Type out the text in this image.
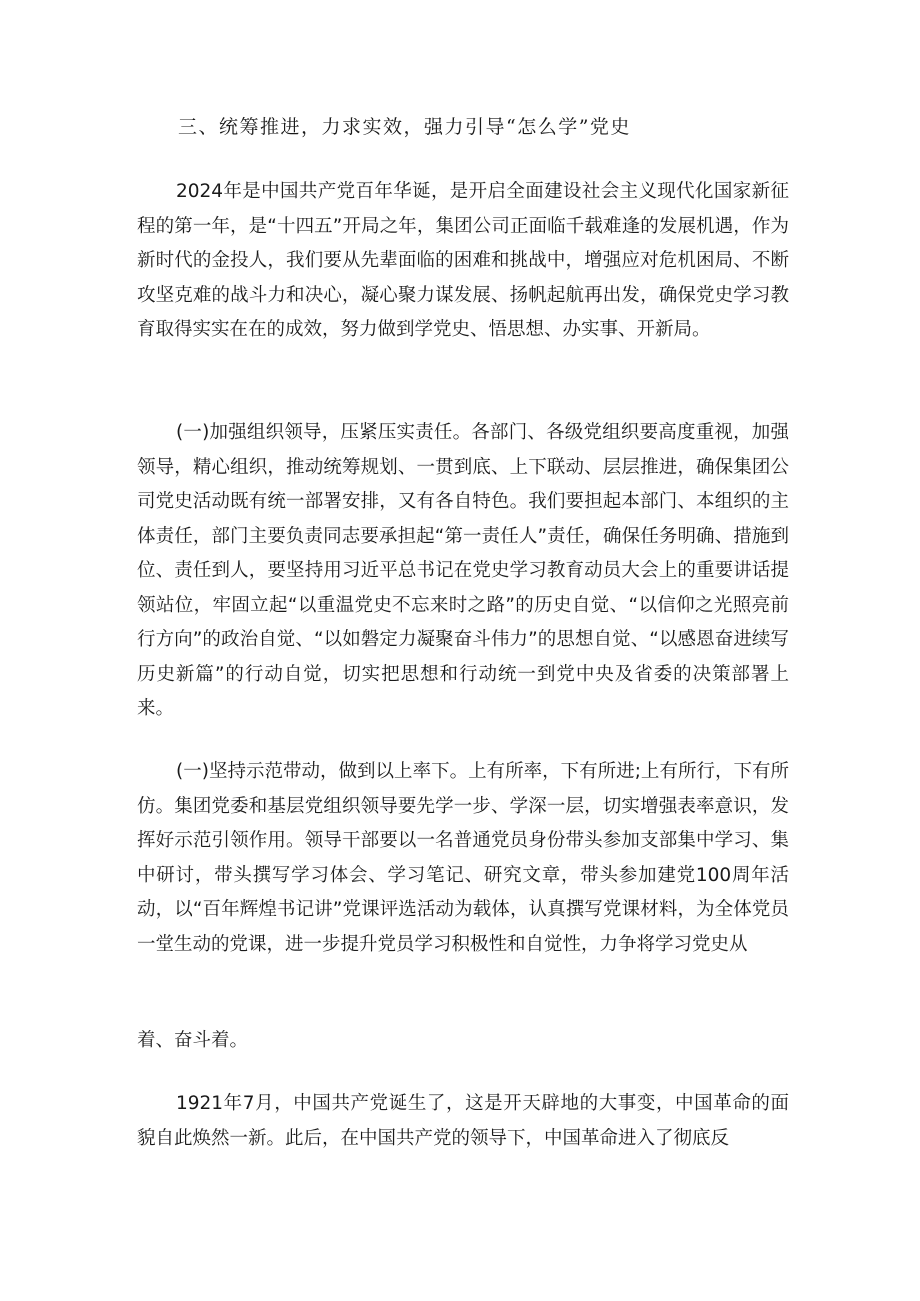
三、统筹推进，力求实效，强力引导“怎么学”党史

2024年是中国共产党百年华诞，是开启全面建设社会主义现代化国家新征程的第一年，是“十四五”开局之年，集团公司正面临千载难逢的发展机遇，作为新时代的金投人，我们要从先辈面临的困难和挑战中，增强应对危机困局、不断攻坚克难的战斗力和决心，凝心聚力谋发展、扬帆起航再出发，确保党史学习教育取得实实在在的成效，努力做到学党史、悟思想、办实事、开新局。

(一)加强组织领导，压紧压实责任。各部门、各级党组织要高度重视，加强领导，精心组织，推动统筹规划、一贯到底、上下联动、层层推进，确保集团公司党史活动既有统一部署安排，又有各自特色。我们要担起本部门、本组织的主体责任，部门主要负责同志要承担起“第一责任人”责任，确保任务明确、措施到位、责任到人，要坚持用习近平总书记在党史学习教育动员大会上的重要讲话提领站位，牢固立起“以重温党史不忘来时之路”的历史自觉、“以信仰之光照亮前行方向”的政治自觉、“以如磐定力凝聚奋斗伟力”的思想自觉、“以感恩奋进续写历史新篇”的行动自觉，切实把思想和行动统一到党中央及省委的决策部署上来。

(一)坚持示范带动，做到以上率下。上有所率，下有所进;上有所行，下有所仿。集团党委和基层党组织领导要先学一步、学深一层，切实增强表率意识，发挥好示范引领作用。领导干部要以一名普通党员身份带头参加支部集中学习、集中研讨，带头撰写学习体会、学习笔记、研究文章，带头参加建党100周年活动，以“百年辉煌书记讲”党课评选活动为载体，认真撰写党课材料，为全体党员一堂生动的党课，进一步提升党员学习积极性和自觉性，力争将学习党史从

着、奋斗着。

1921年7月，中国共产党诞生了，这是开天辟地的大事变，中国革命的面貌自此焕然一新。此后，在中国共产党的领导下，中国革命进入了彻底反
